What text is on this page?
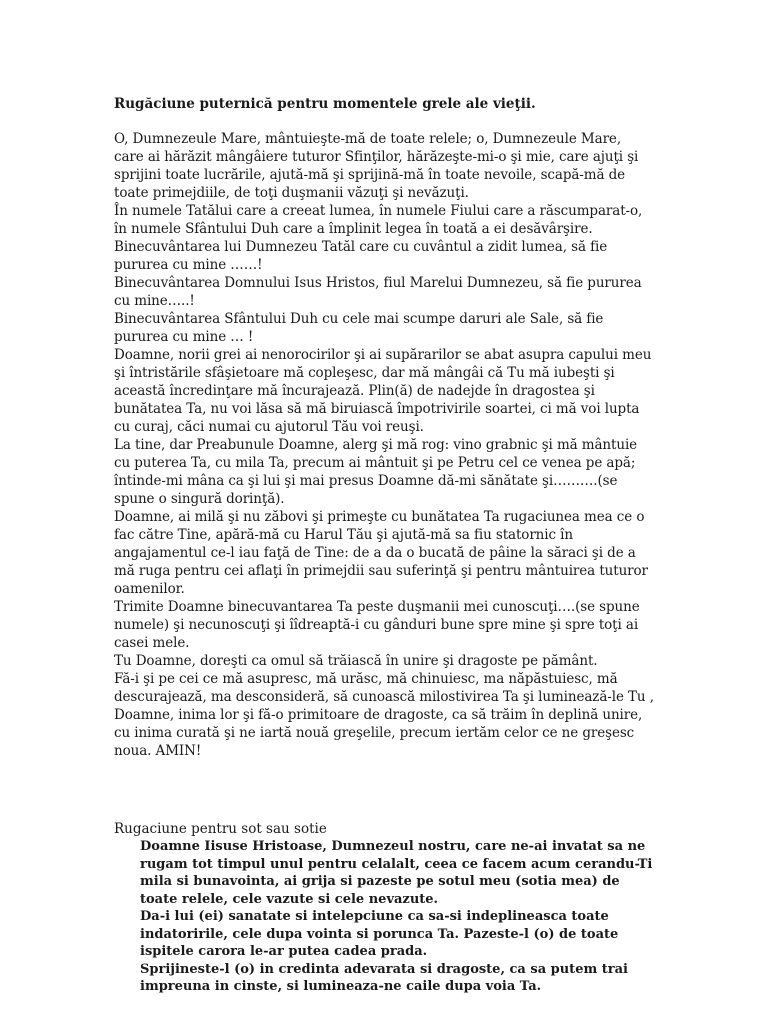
Rugăciune puternică pentru momentele grele ale vieţii.

O, Dumnezeule Mare, mântuieşte-mă de toate relele; o, Dumnezeule Mare, care ai hărăzit mângâiere tuturor Sfinţilor, hărăzeşte-mi-o şi mie, care ajuţi şi sprijini toate lucrările, ajută-mă şi sprijină-mă în toate nevoile, scapă-mă de toate primejdiile, de toţi duşmanii văzuţi şi nevăzuţi.

În numele Tatălui care a creeat lumea, în numele Fiului care a răscumparat-o, în numele Sfântului Duh care a împlinit legea în toată a ei desăvârşire.

Binecuvântarea lui Dumnezeu Tatăl care cu cuvântul a zidit lumea, să fie pururea cu mine ……!

Binecuvântarea Domnului Isus Hristos, fiul Marelui Dumnezeu, să fie pururea cu mine…..!

Binecuvântarea Sfântului Duh cu cele mai scumpe daruri ale Sale, să fie pururea cu mine … !

Doamne, norii grei ai nenorocirilor şi ai supărarilor se abat asupra capului meu şi întristările sfâşietoare mă copleşesc, dar mă mângâi că Tu mă iubeşti şi această încredinţare mă încurajează. Plin(ă) de nadejde în dragostea şi bunătatea Ta, nu voi lăsa să mă biruiască împotrivirile soartei, ci mă voi lupta cu curaj, căci numai cu ajutorul Tău voi reuşi.

La tine, dar Preabunule Doamne, alerg şi mă rog: vino grabnic şi mă mântuie cu puterea Ta, cu mila Ta, precum ai mântuit şi pe Petru cel ce venea pe apă; întinde-mi mâna ca şi lui şi mai presus Doamne dă-mi sănătate şi……….(se spune o singură dorinţă).

Doamne, ai milă şi nu zăbovi şi primeşte cu bunătatea Ta rugaciunea mea ce o fac către Tine, apără-mă cu Harul Tău şi ajută-mă sa fiu statornic în angajamentul ce-l iau faţă de Tine: de a da o bucată de pâine la săraci şi de a mă ruga pentru cei aflaţi în primejdii sau suferinţă şi pentru mântuirea tuturor oamenilor.

Trimite Doamne binecuvantarea Ta peste duşmanii mei cunoscuţi….(se spune numele) şi necunoscuţi şi îîdreaptă-i cu gânduri bune spre mine şi spre toţi ai casei mele.

Tu Doamne, doreşti ca omul să trăiască în unire şi dragoste pe pământ.

Fă-i şi pe cei ce mă asupresc, mă urăsc, mă chinuiesc, ma năpăstuiesc, mă descurajează, ma desconsideră, să cunoască milostivirea Ta şi luminează-le Tu , Doamne, inima lor şi fă-o primitoare de dragoste, ca să trăim în deplină unire, cu inima curată şi ne iartă nouă greşelile, precum iertăm celor ce ne greşesc noua. AMIN!

Rugaciune pentru sot sau sotie

Doamne Iisuse Hristoase, Dumnezeul nostru, care ne-ai invatat sa ne rugam tot timpul unul pentru celalalt, ceea ce facem acum cerandu-Ti mila si bunavointa, ai grija si pazeste pe sotul meu (sotia mea) de toate relele, cele vazute si cele nevazute.

Da-i lui (ei) sanatate si intelepciune ca sa-si indeplineasca toate indatoririle, cele dupa vointa si porunca Ta. Pazeste-l (o) de toate ispitele carora le-ar putea cadea prada.

Sprijineste-l (o) in credinta adevarata si dragoste, ca sa putem trai impreuna in cinste, si lumineaza-ne caile dupa voia Ta.
